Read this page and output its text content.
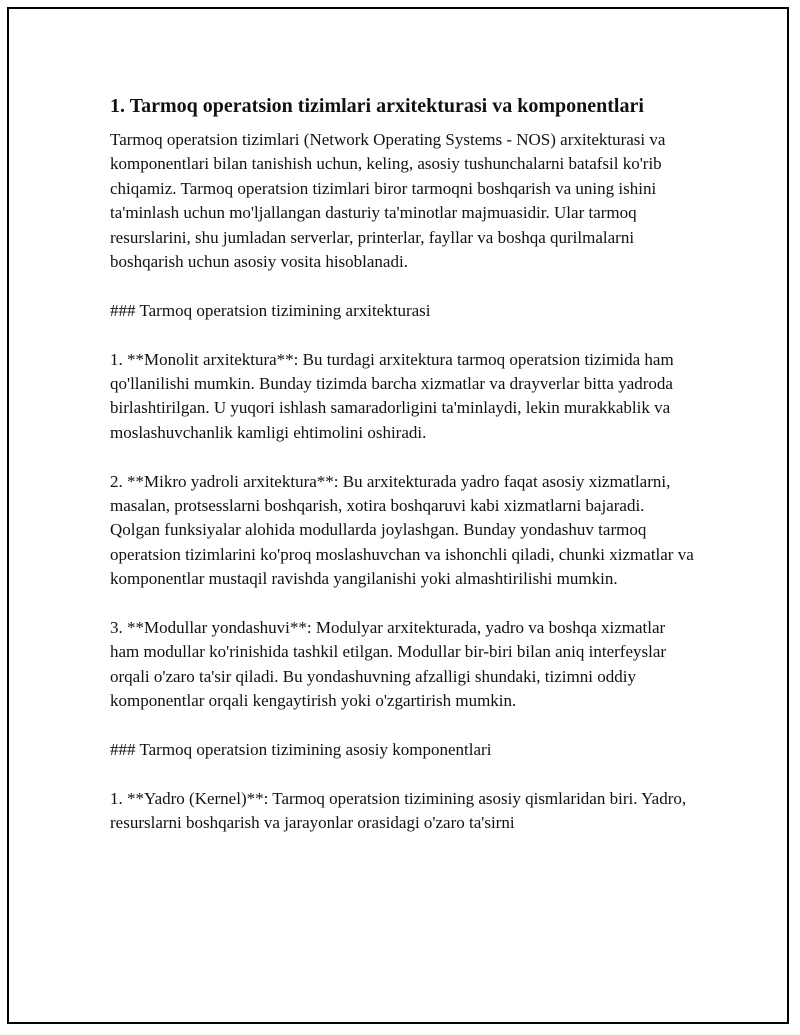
1. Tarmoq operatsion tizimlari arxitekturasi va komponentlari

Tarmoq operatsion tizimlari (Network Operating Systems - NOS) arxitekturasi va komponentlari bilan tanishish uchun, keling, asosiy tushunchalarni batafsil ko'rib chiqamiz. Tarmoq operatsion tizimlari biror tarmoqni boshqarish va uning ishini ta'minlash uchun mo'ljallangan dasturiy ta'minotlar majmuasidir. Ular tarmoq resurslarini, shu jumladan serverlar, printerlar, fayllar va boshqa qurilmalarni boshqarish uchun asosiy vosita hisoblanadi.

### Tarmoq operatsion tizimining arxitekturasi

1. **Monolit arxitektura**: Bu turdagi arxitektura tarmoq operatsion tizimida ham qo'llanilishi mumkin. Bunday tizimda barcha xizmatlar va drayverlar bitta yadroda birlashtirilgan. U yuqori ishlash samaradorligini ta'minlaydi, lekin murakkablik va moslashuvchanlik kamligi ehtimolini oshiradi.

2. **Mikro yadroli arxitektura**: Bu arxitekturada yadro faqat asosiy xizmatlarni, masalan, protsesslarni boshqarish, xotira boshqaruvi kabi xizmatlarni bajaradi. Qolgan funksiyalar alohida modullarda joylashgan. Bunday yondashuv tarmoq operatsion tizimlarini ko'proq moslashuvchan va ishonchli qiladi, chunki xizmatlar va komponentlar mustaqil ravishda yangilanishi yoki almashtirilishi mumkin.

3. **Modullar yondashuvi**: Modulyar arxitekturada, yadro va boshqa xizmatlar ham modullar ko'rinishida tashkil etilgan. Modullar bir-biri bilan aniq interfeyslar orqali o'zaro ta'sir qiladi. Bu yondashuvning afzalligi shundaki, tizimni oddiy komponentlar orqali kengaytirish yoki o'zgartirish mumkin.

### Tarmoq operatsion tizimining asosiy komponentlari

1. **Yadro (Kernel)**: Tarmoq operatsion tizimining asosiy qismlaridan biri. Yadro, resurslarni boshqarish va jarayonlar orasidagi o'zaro ta'sirni
